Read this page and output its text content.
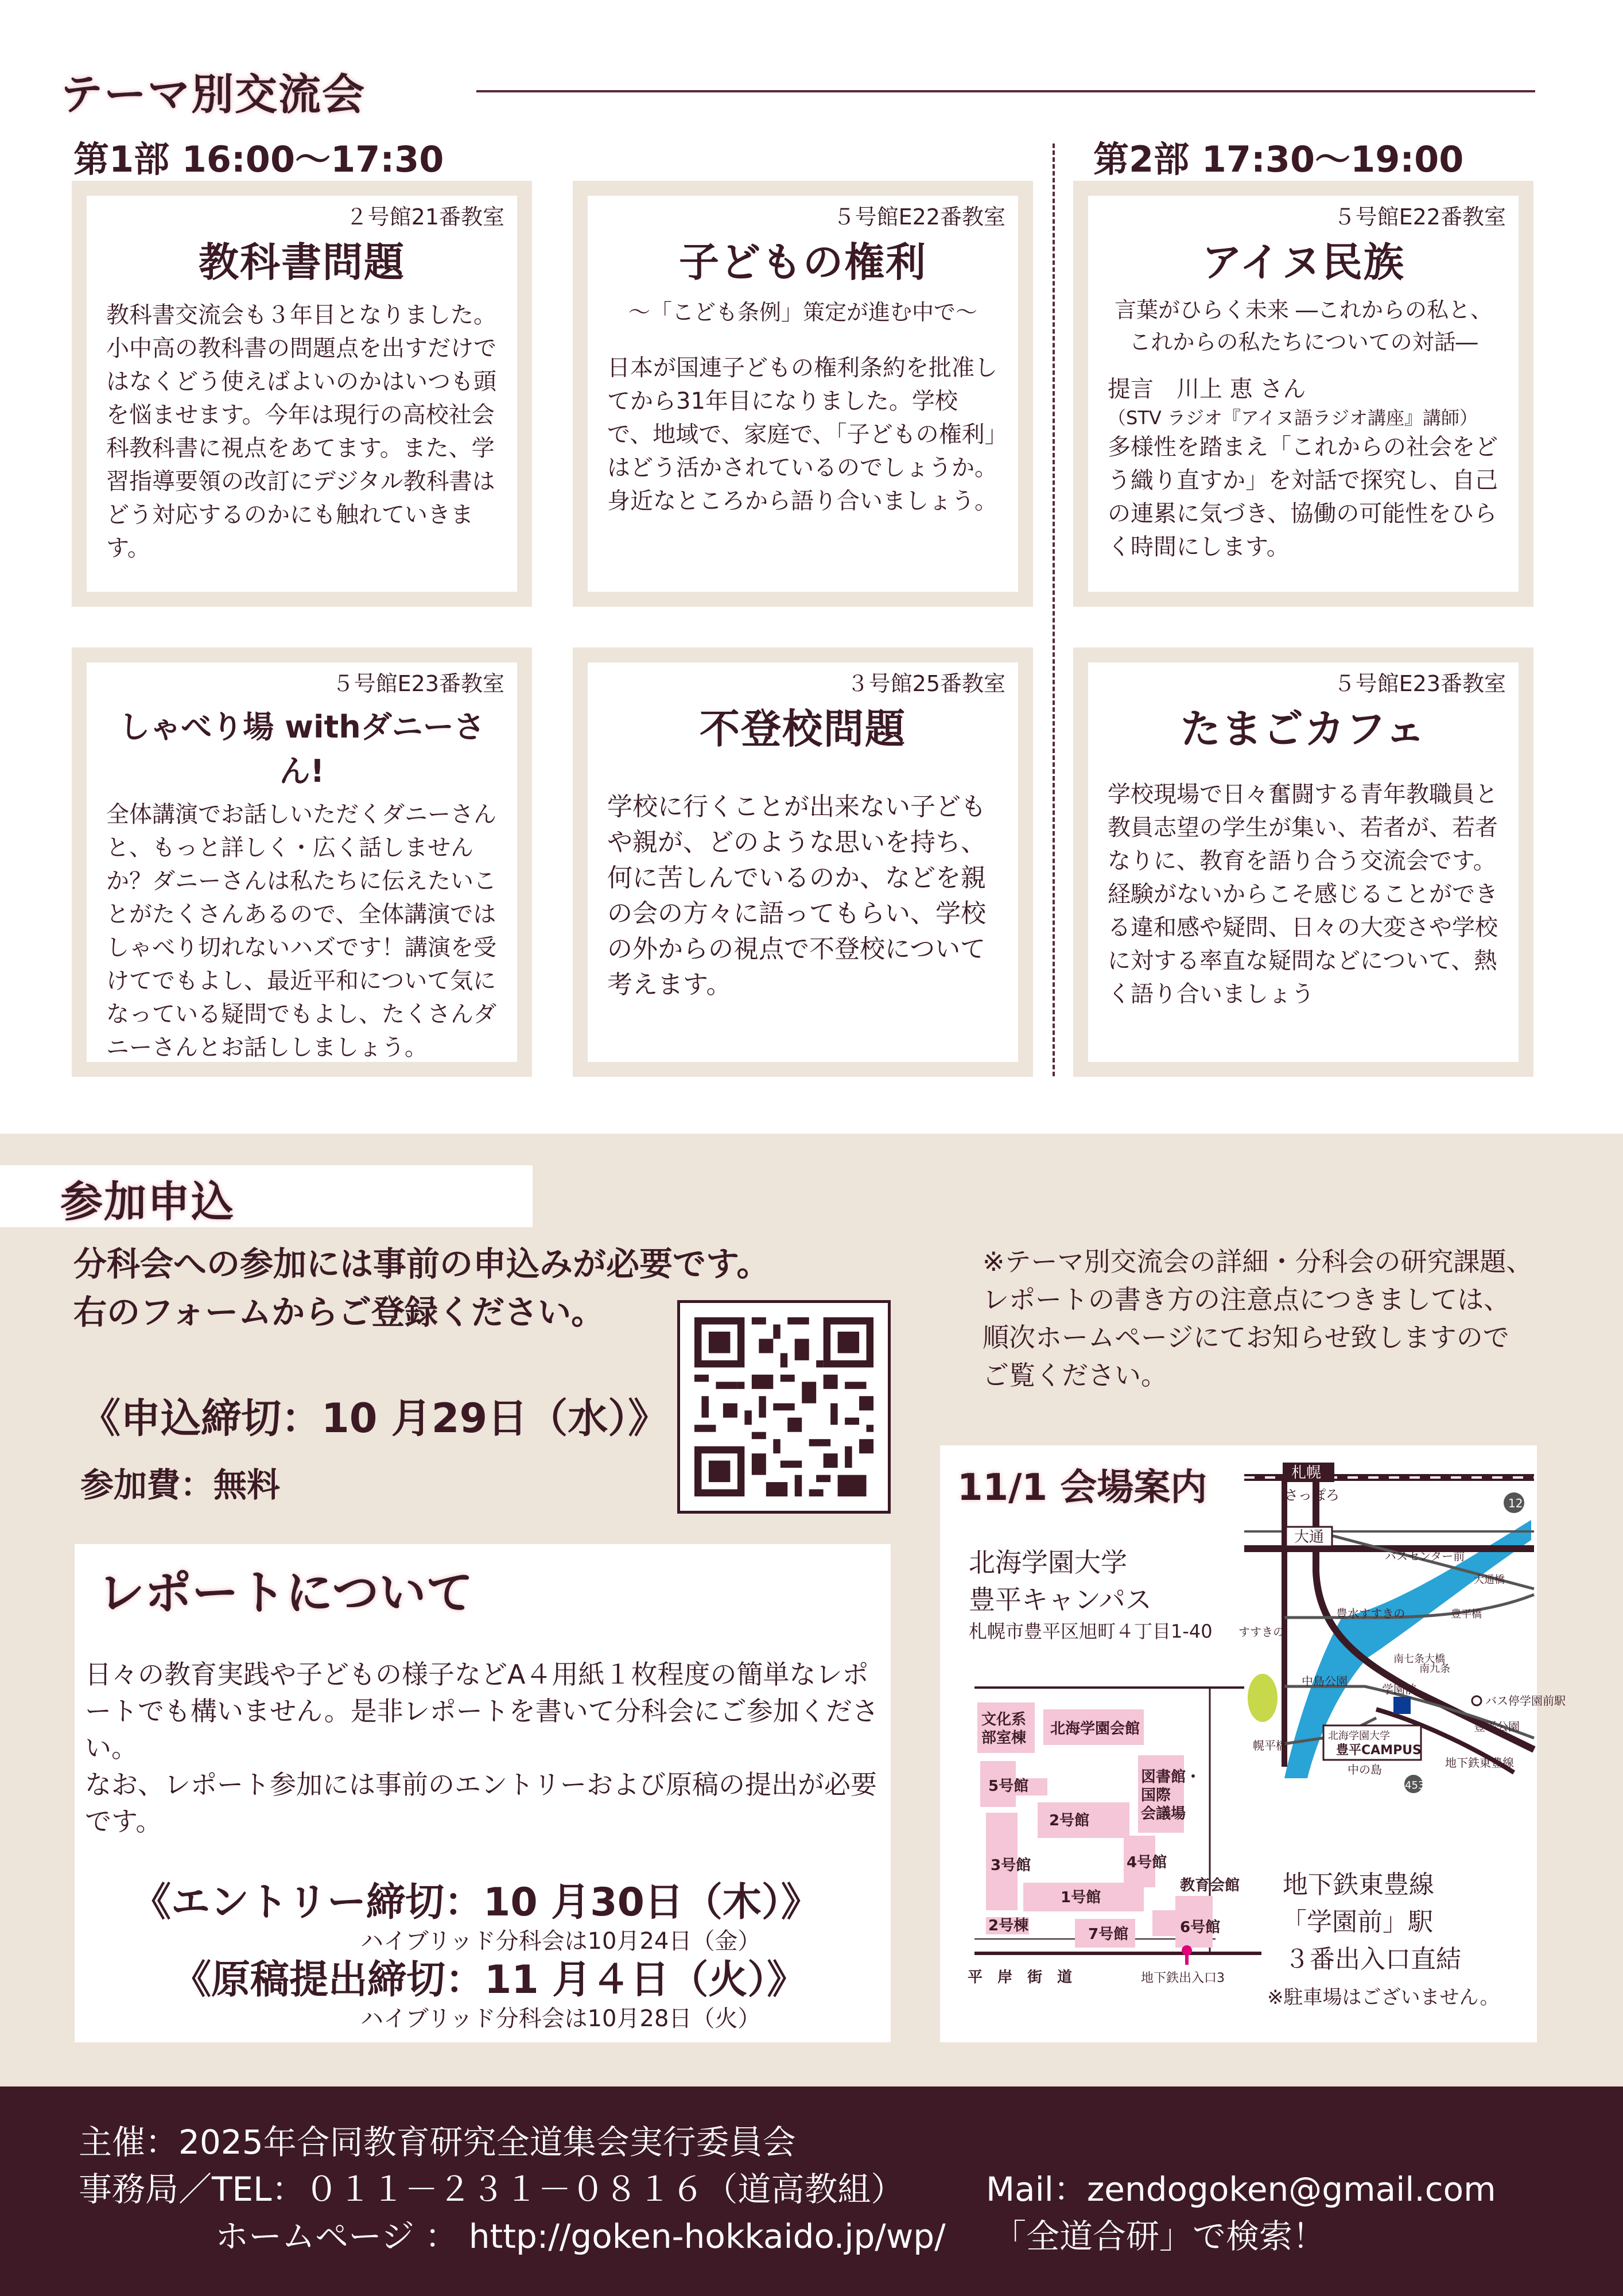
テーマ別交流会
第1部 16:00〜17:30	第2部 17:30〜19:00
２号館21番教室
教科書問題
教科書交流会も３年目となりました。小中高の教科書の問題点を出すだけではなくどう使えばよいのかはいつも頭を悩ませます。今年は現行の高校社会科教科書に視点をあてます。また、学習指導要領の改訂にデジタル教科書はどう対応するのかにも触れていきます。
５号館E22番教室
子どもの権利
〜「こども条例」策定が進む中で〜
日本が国連子どもの権利条約を批准してから31年目になりました。学校で、地域で、家庭で、「子どもの権利」はどう活かされているのでしょうか。身近なところから語り合いましょう。
５号館E22番教室
アイヌ民族
言葉がひらく未来 ―これからの私と、
これからの私たちについての対話―
提言　川上 恵 さん
（STV ラジオ『アイヌ語ラジオ講座』講師）
多様性を踏まえ「これからの社会をどう織り直すか」を対話で探究し、自己の連累に気づき、協働の可能性をひらく時間にします。
５号館E23番教室
しゃべり場 withダニーさん!
全体講演でお話しいただくダニーさんと、もっと詳しく・広く話しませんか？ダニーさんは私たちに伝えたいことがたくさんあるので、全体講演ではしゃべり切れないハズです！講演を受けてでもよし、最近平和について気になっている疑問でもよし、たくさんダニーさんとお話ししましょう。
３号館25番教室
不登校問題
学校に行くことが出来ない子どもや親が、どのような思いを持ち、何に苦しんでいるのか、などを親の会の方々に語ってもらい、学校の外からの視点で不登校について考えます。
５号館E23番教室
たまごカフェ
学校現場で日々奮闘する青年教職員と教員志望の学生が集い、若者が、若者なりに、教育を語り合う交流会です。経験がないからこそ感じることができる違和感や疑問、日々の大変さや学校に対する率直な疑問などについて、熱く語り合いましょう
参加申込
分科会への参加には事前の申込みが必要です。
右のフォームからご登録ください。
《申込締切：10 月29日（水）》
参加費：無料
※テーマ別交流会の詳細・分科会の研究課題、レポートの書き方の注意点につきましては、順次ホームページにてお知らせ致しますのでご覧ください。
レポートについて
日々の教育実践や子どもの様子などA４用紙１枚程度の簡単なレポートでも構いません。是非レポートを書いて分科会にご参加ください。
なお、レポート参加には事前のエントリーおよび原稿の提出が必要です。
《エントリー締切：10 月30日（木）》
ハイブリッド分科会は10月24日（金）
《原稿提出締切：11 月４日（火）》
ハイブリッド分科会は10月28日（火）
11/1 会場案内
北海学園大学
豊平キャンパス
札幌市豊平区旭町４丁目1-40
文化系
部室棟
北海学園会館
5号館
2号館
3号館
図書館・
国際
会議場
4号館
1号館
2号棟	7号館	6号館
教育会館
平　岸　街　道	地下鉄出入口3
札幌
さっぽろ
大通
バスセンター前
12
豊水すすきの
すすきの
中島公園
学園前
バス停学園前駅
豊平公園
幌平橋
中の島
北海学園大学
豊平CAMPUS
453
地下鉄東豊線
南七条大橋
南九条
豊平橋
大通橋
地下鉄東豊線
「学園前」駅
３番出入口直結
※駐車場はございません。
主催：2025年合同教育研究全道集会実行委員会
事務局／TEL：０１１－２３１－０８１６（道高教組） Mail：zendogoken@gmail.com
ホームページ ： http://goken-hokkaido.jp/wp/ 「全道合研」で検索！
